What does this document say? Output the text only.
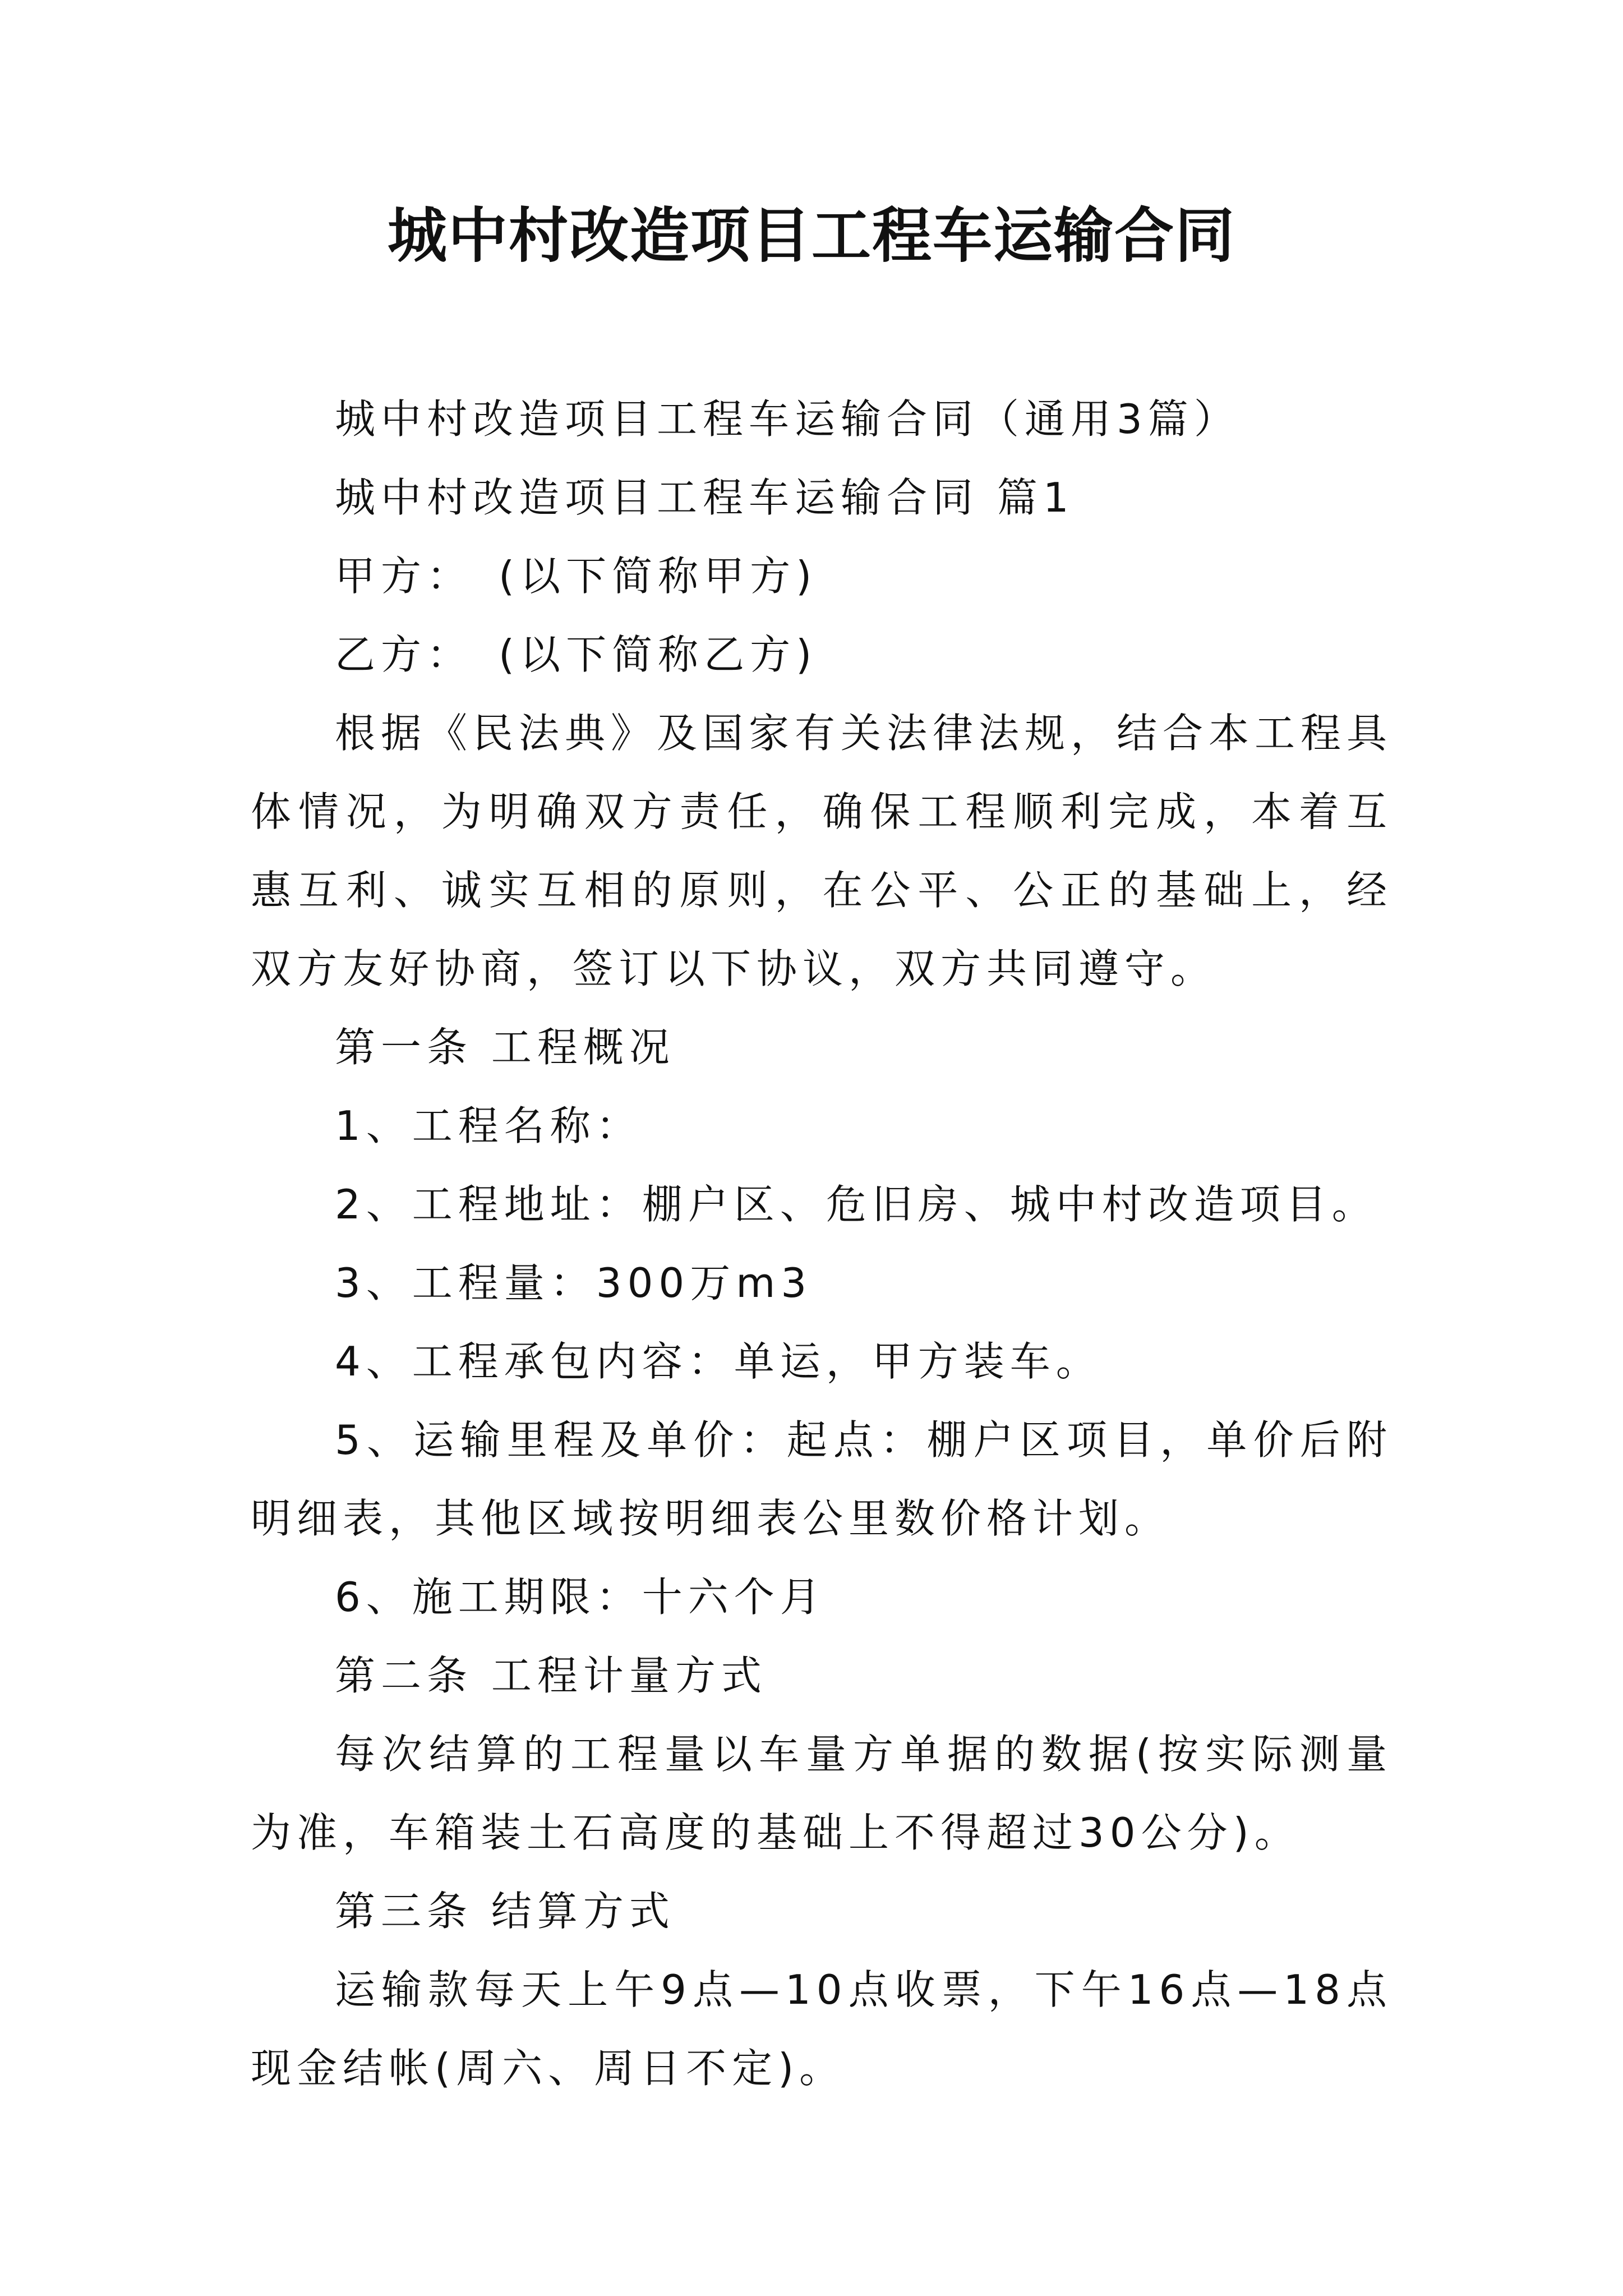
城中村改造项目工程车运输合同

城中村改造项目工程车运输合同（通用3篇）

城中村改造项目工程车运输合同 篇1

甲方：　(以下简称甲方)

乙方：　(以下简称乙方)

根据《民法典》及国家有关法律法规，结合本工程具体情况，为明确双方责任，确保工程顺利完成，本着互惠互利、诚实互相的原则，在公平、公正的基础上，经双方友好协商，签订以下协议，双方共同遵守。

第一条 工程概况

1、工程名称：

2、工程地址：棚户区、危旧房、城中村改造项目。

3、工程量：300万m3

4、工程承包内容：单运，甲方装车。

5、运输里程及单价：起点：棚户区项目，单价后附明细表，其他区域按明细表公里数价格计划。

6、施工期限：十六个月

第二条 工程计量方式

每次结算的工程量以车量方单据的数据(按实际测量为准，车箱装土石高度的基础上不得超过30公分)。

第三条 结算方式

运输款每天上午9点—10点收票，下午16点—18点现金结帐(周六、周日不定)。
